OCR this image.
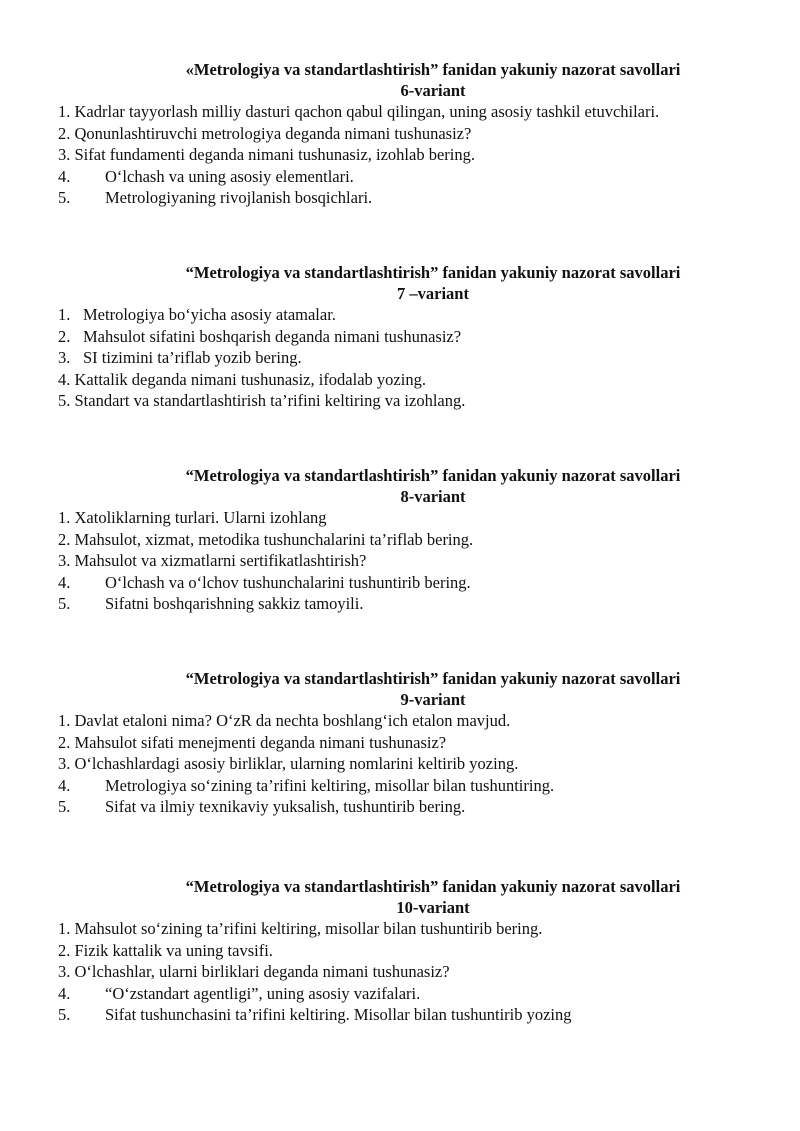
«Metrologiya va standartlashtirish” fanidan yakuniy nazorat savollari
6-variant
1. Kadrlar tayyorlash milliy dasturi qachon qabul qilingan, uning asosiy tashkil etuvchilari.
2. Qonunlashtiruvchi metrologiya deganda nimani tushunasiz?
3. Sifat fundamenti deganda nimani tushunasiz, izohlab bering.
4. O‘lchash va uning asosiy elementlari.
5. Metrologiyaning rivojlanish bosqichlari.
“Metrologiya va standartlashtirish” fanidan yakuniy nazorat savollari
7 –variant
1. Metrologiya bo‘yicha asosiy atamalar.
2. Mahsulot sifatini boshqarish deganda nimani tushunasiz?
3. SI tizimini ta’riflab yozib bering.
4. Kattalik deganda nimani tushunasiz, ifodalab yozing.
5. Standart va standartlashtirish ta’rifini keltiring va izohlang.
“Metrologiya va standartlashtirish” fanidan yakuniy nazorat savollari
8-variant
1. Xatoliklarning turlari. Ularni izohlang
2. Mahsulot, xizmat, metodika tushunchalarini ta’riflab bering.
3. Mahsulot va xizmatlarni sertifikatlashtirish?
4. O‘lchash va o‘lchov tushunchalarini tushuntirib bering.
5. Sifatni boshqarishning sakkiz tamoyili.
“Metrologiya va standartlashtirish” fanidan yakuniy nazorat savollari
9-variant
1. Davlat etaloni nima? O‘zR da nechta boshlang‘ich etalon mavjud.
2. Mahsulot sifati menejmenti deganda nimani tushunasiz?
3. O‘lchashlardagi asosiy birliklar, ularning nomlarini keltirib yozing.
4. Metrologiya so‘zining ta’rifini keltiring, misollar bilan tushuntiring.
5. Sifat va ilmiy texnikaviy yuksalish, tushuntirib bering.
“Metrologiya va standartlashtirish” fanidan yakuniy nazorat savollari
10-variant
1. Mahsulot so‘zining ta’rifini keltiring, misollar bilan tushuntirib bering.
2. Fizik kattalik va uning tavsifi.
3. O‘lchashlar, ularni birliklari deganda nimani tushunasiz?
4. “O‘zstandart agentligi”, uning asosiy vazifalari.
5. Sifat tushunchasini ta’rifini keltiring. Misollar bilan tushuntirib yozing
